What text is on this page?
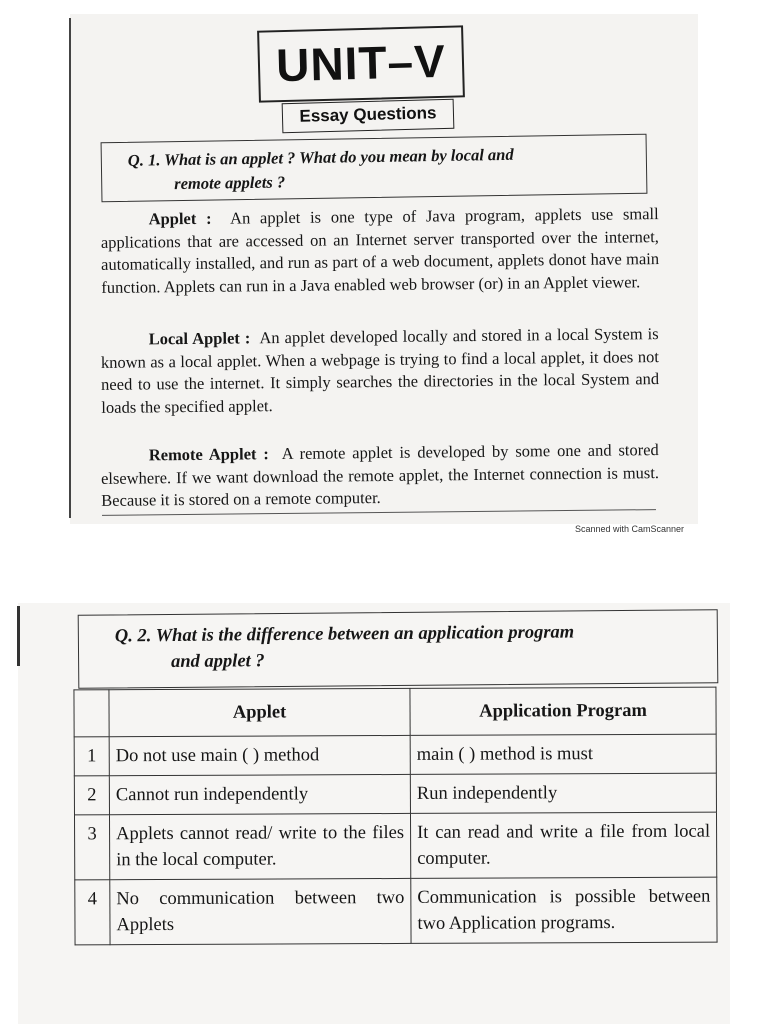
UNIT–V
Essay Questions
Q. 1. What is an applet ? What do you mean by local and
remote applets ?
Applet : An applet is one type of Java program, applets use small applications that are accessed on an Internet server transported over the internet, automatically installed, and run as part of a web document, applets donot have main function. Applets can run in a Java enabled web browser (or) in an Applet viewer.
Local Applet : An applet developed locally and stored in a local System is known as a local applet. When a webpage is trying to find a local applet, it does not need to use the internet. It simply searches the directories in the local System and loads the specified applet.
Remote Applet : A remote applet is developed by some one and stored elsewhere. If we want download the remote applet, the Internet connection is must. Because it is stored on a remote computer.
Scanned with CamScanner
Q. 2. What is the difference between an application program
and applet ?
	Applet	Application Program
1	Do not use main ( ) method	main ( ) method is must

2	Cannot run independently	Run independently

3	Applets cannot read/ write to the files in the local computer.	It can read and write a file from local computer.

4	No communication between two Applets	Communication is possible between two Application programs.
